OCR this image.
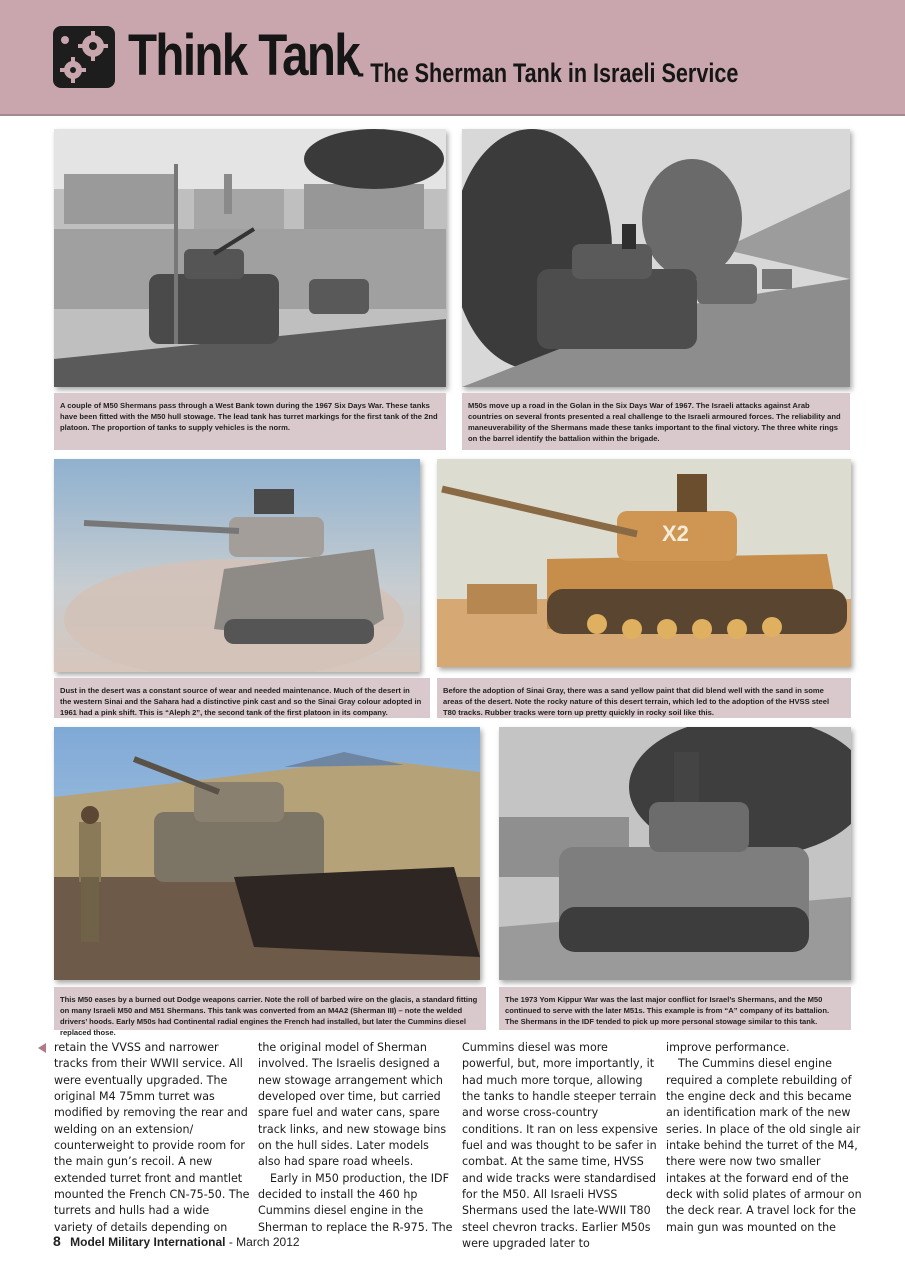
Think Tank
- The Sherman Tank in Israeli Service
A couple of M50 Shermans pass through a West Bank town during the 1967 Six Days War. These tanks have been fitted with the M50 hull stowage. The lead tank has turret markings for the first tank of the 2nd platoon. The proportion of tanks to supply vehicles is the norm.
M50s move up a road in the Golan in the Six Days War of 1967. The Israeli attacks against Arab countries on several fronts presented a real challenge to the Israeli armoured forces. The reliability and maneuverability of the Shermans made these tanks important to the final victory. The three white rings on the barrel identify the battalion within the brigade.
Dust in the desert was a constant source of wear and needed maintenance. Much of the desert in the western Sinai and the Sahara had a distinctive pink cast and so the Sinai Gray colour adopted in 1961 had a pink shift. This is “Aleph 2”, the second tank of the first platoon in its company.
X2
Before the adoption of Sinai Gray, there was a sand yellow paint that did blend well with the sand in some areas of the desert. Note the rocky nature of this desert terrain, which led to the adoption of the HVSS steel T80 tracks. Rubber tracks were torn up pretty quickly in rocky soil like this.
This M50 eases by a burned out Dodge weapons carrier. Note the roll of barbed wire on the glacis, a standard fitting on many Israeli M50 and M51 Shermans. This tank was converted from an M4A2 (Sherman III) – note the welded drivers’ hoods. Early M50s had Continental radial engines the French had installed, but later the Cummins diesel replaced those.
The 1973 Yom Kippur War was the last major conflict for Israel’s Shermans, and the M50 continued to serve with the later M51s. This example is from “A” company of its battalion. The Shermans in the IDF tended to pick up more personal stowage similar to this tank.

retain the VVSS and narrower tracks from their WWII service. All were eventually upgraded. The original M4 75mm turret was modified by removing the rear and welding on an extension/ counterweight to provide room for the main gun’s recoil. A new extended turret front and mantlet mounted the French CN-75-50. The turrets and hulls had a wide variety of details depending on

the original model of Sherman involved. The Israelis designed a new stowage arrangement which developed over time, but carried spare fuel and water cans, spare track links, and new stowage bins on the hull sides. Later models also had spare road wheels.

Early in M50 production, the IDF decided to install the 460 hp Cummins diesel engine in the Sherman to replace the R-975. The

Cummins diesel was more powerful, but, more importantly, it had much more torque, allowing the tanks to handle steeper terrain and worse cross-country conditions. It ran on less expensive fuel and was thought to be safer in combat. At the same time, HVSS and wide tracks were standardised for the M50. All Israeli HVSS Shermans used the late-WWII T80 steel chevron tracks. Earlier M50s were upgraded later to

improve performance.

The Cummins diesel engine required a complete rebuilding of the engine deck and this became an identification mark of the new series. In place of the old single air intake behind the turret of the M4, there were now two smaller intakes at the forward end of the deck with solid plates of armour on the deck rear. A travel lock for the main gun was mounted on the

8 Model Military International - March 2012
